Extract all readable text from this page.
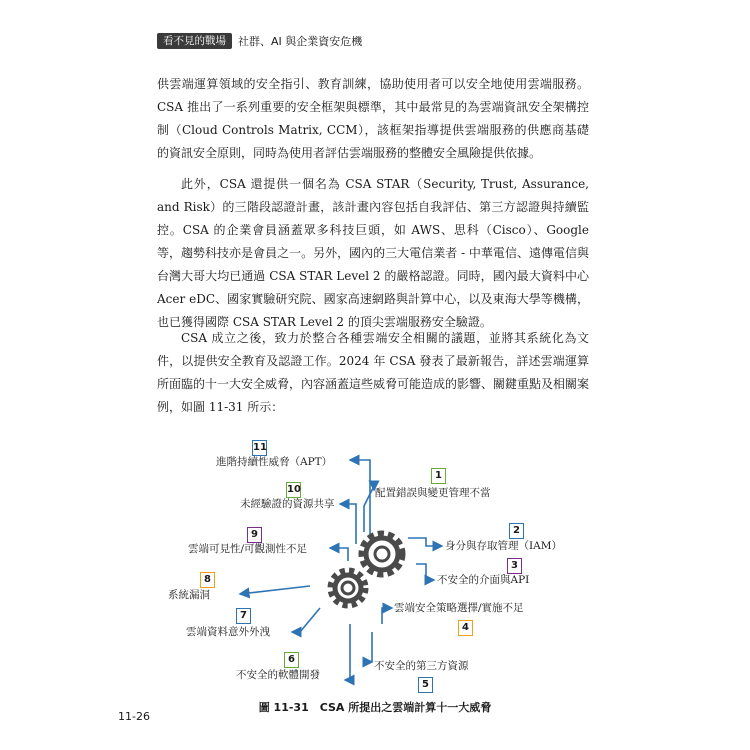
看不見的戰場	社群、AI 與企業資安危機

供雲端運算領域的安全指引、教育訓練，協助使用者可以安全地使用雲端服務。CSA 推出了一系列重要的安全框架與標準，其中最常見的為雲端資訊安全架構控制（Cloud Controls Matrix, CCM），該框架指導提供雲端服務的供應商基礎的資訊安全原則，同時為使用者評估雲端服務的整體安全風險提供依據。

此外，CSA 還提供一個名為 CSA STAR（Security, Trust, Assurance, and Risk）的三階段認證計畫，該計畫內容包括自我評估、第三方認證與持續監控。CSA 的企業會員涵蓋眾多科技巨頭，如 AWS、思科（Cisco）、Google 等，趨勢科技亦是會員之一。另外，國內的三大電信業者 - 中華電信、遠傳電信與台灣大哥大均已通過 CSA STAR Level 2 的嚴格認證。同時，國內最大資料中心 Acer eDC、國家實驗研究院、國家高速網路與計算中心，以及東海大學等機構，也已獲得國際 CSA STAR Level 2 的頂尖雲端服務安全驗證。

CSA 成立之後，致力於整合各種雲端安全相關的議題，並將其系統化為文件，以提供安全教育及認證工作。2024 年 CSA 發表了最新報告，詳述雲端運算所面臨的十一大安全威脅，內容涵蓋這些威脅可能造成的影響、關鍵重點及相關案例，如圖 11-31 所示：

11
進階持續性威脅（APT）
1
配置錯誤與變更管理不當
10
未經驗證的資源共享
9
雲端可見性/可觀測性不足
2
身分與存取管理（IAM）
3
不安全的介面與API
8
系統漏洞
雲端安全策略選擇/實施不足
4
7
雲端資料意外外洩
6
不安全的軟體開發
不安全的第三方資源
5
圖 11-31　CSA 所提出之雲端計算十一大威脅
11-26
